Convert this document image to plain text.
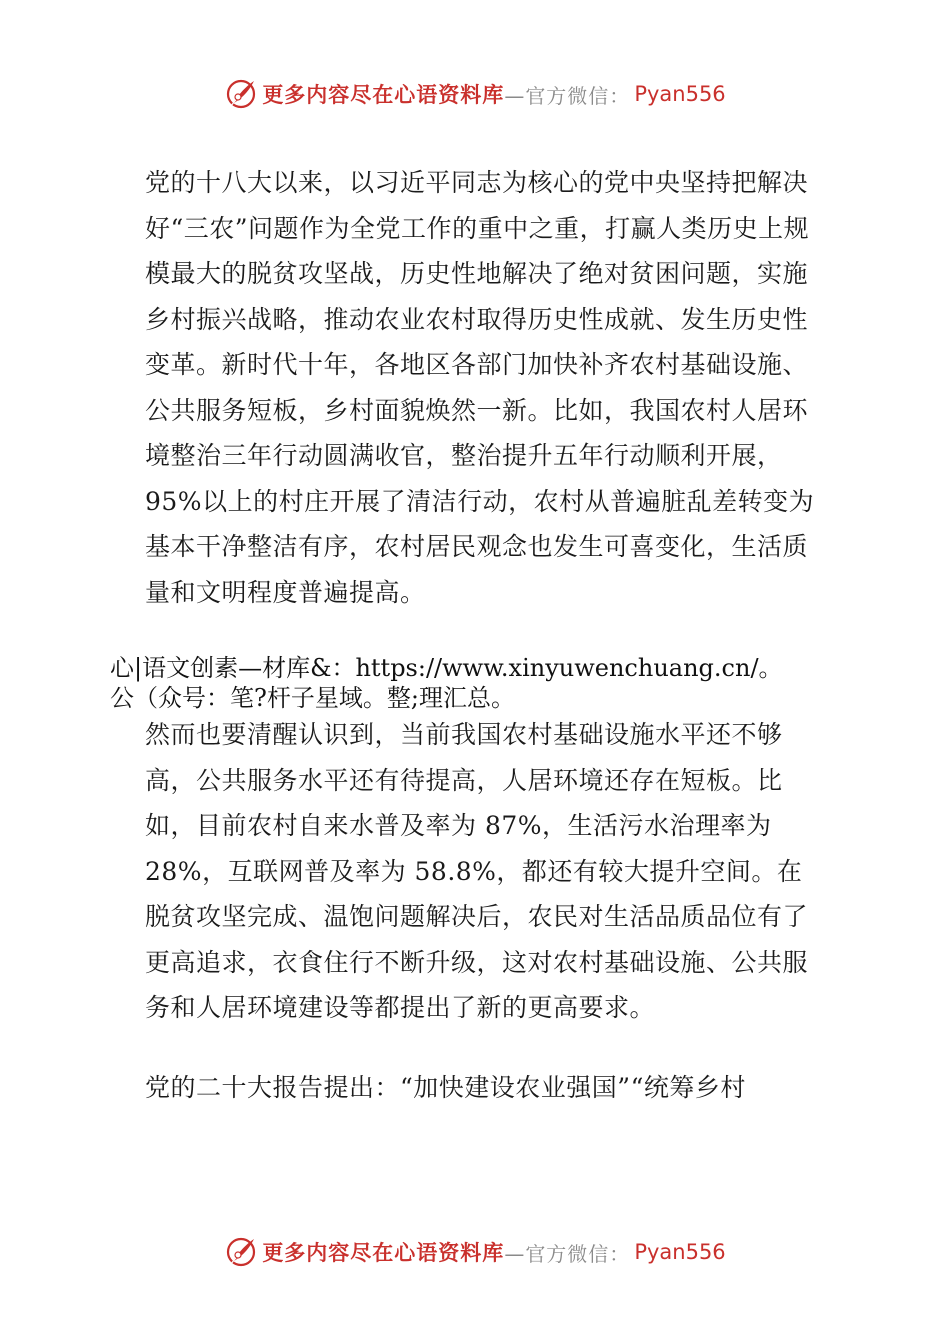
更多内容尽在心语资料库 —官方微信： Pyan556

党的十八大以来，以习近平同志为核心的党中央坚持把解决好“三农”问题作为全党工作的重中之重，打赢人类历史上规模最大的脱贫攻坚战，历史性地解决了绝对贫困问题，实施乡村振兴战略，推动农业农村取得历史性成就、发生历史性变革。新时代十年，各地区各部门加快补齐农村基础设施、公共服务短板，乡村面貌焕然一新。比如，我国农村人居环境整治三年行动圆满收官，整治提升五年行动顺利开展，95%以上的村庄开展了清洁行动，农村从普遍脏乱差转变为基本干净整洁有序，农村居民观念也发生可喜变化，生活质量和文明程度普遍提高。

心|语文创素—材库&：https://www.xinyuwenchuang.cn/。
公（众号：笔?杆子星域。整;理汇总。

然而也要清醒认识到，当前我国农村基础设施水平还不够高，公共服务水平还有待提高，人居环境还存在短板。比如，目前农村自来水普及率为 87%，生活污水治理率为 28%，互联网普及率为 58.8%，都还有较大提升空间。在脱贫攻坚完成、温饱问题解决后，农民对生活品质品位有了更高追求，衣食住行不断升级，这对农村基础设施、公共服务和人居环境建设等都提出了新的更高要求。

党的二十大报告提出：“加快建设农业强国”“统筹乡村

更多内容尽在心语资料库 —官方微信： Pyan556
